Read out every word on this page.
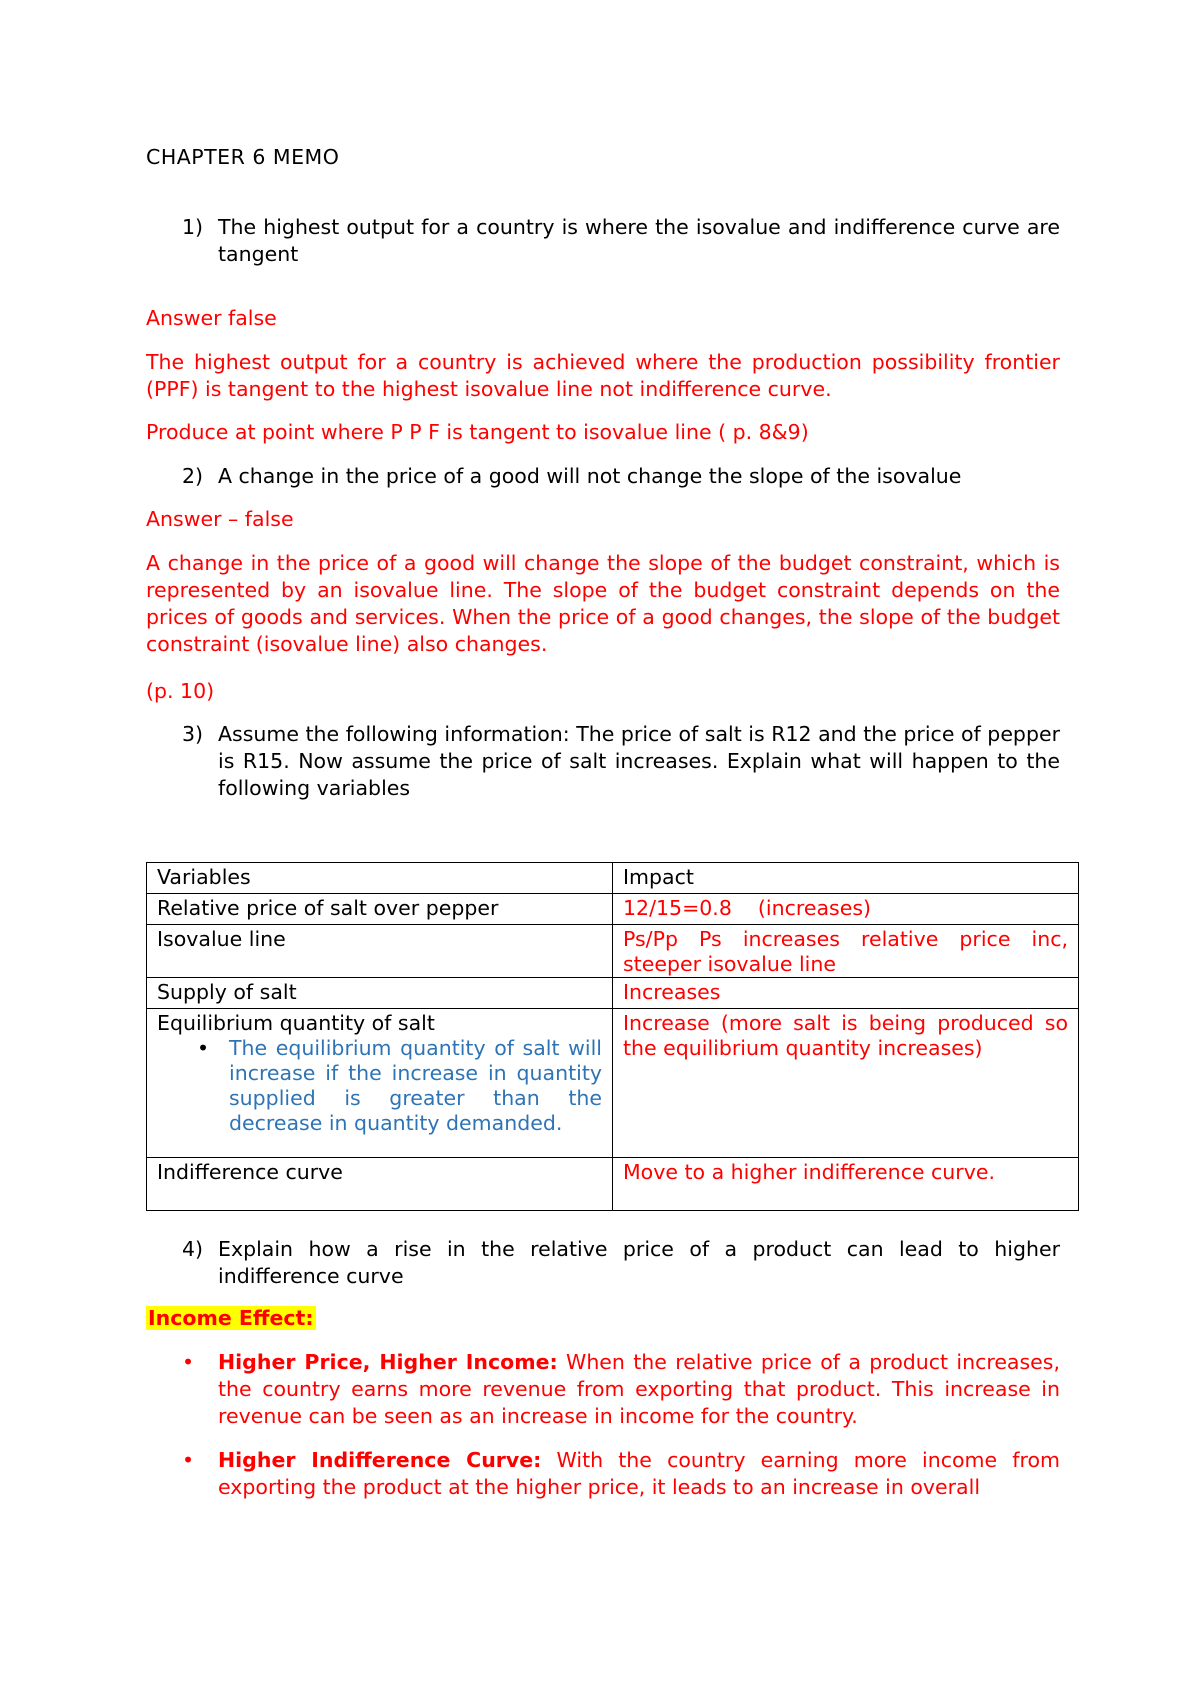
CHAPTER 6 MEMO
1) The highest output for a country is where the isovalue and indifference curve are tangent
Answer false
The highest output for a country is achieved where the production possibility frontier (PPF) is tangent to the highest isovalue line not indifference curve.
Produce at point where P P F is tangent to isovalue line ( p. 8&9)
2) A change in the price of a good will not change the slope of the isovalue
Answer – false
A change in the price of a good will change the slope of the budget constraint, which is represented by an isovalue line. The slope of the budget constraint depends on the prices of goods and services. When the price of a good changes, the slope of the budget constraint (isovalue line) also changes.
(p. 10)
3) Assume the following information: The price of salt is R12 and the price of pepper is R15. Now assume the price of salt increases. Explain what will happen to the following variables
Variables	Impact
Relative price of salt over pepper	12/15=0.8    (increases)
Isovalue line	Ps/Pp Ps increases relative price inc, steeper isovalue line
Supply of salt	Increases

Equilibrium quantity of salt
• The equilibrium quantity of salt will increase if the increase in quantity supplied is greater than the decrease in quantity demanded.	Increase (more salt is being produced so the equilibrium quantity increases)
Indifference curve	Move to a higher indifference curve.
4) Explain how a rise in the relative price of a product can lead to higher indifference curve
Income Effect:
• Higher Price, Higher Income: When the relative price of a product increases, the country earns more revenue from exporting that product. This increase in revenue can be seen as an increase in income for the country.
• Higher Indifference Curve: With the country earning more income from exporting the product at the higher price, it leads to an increase in overall
